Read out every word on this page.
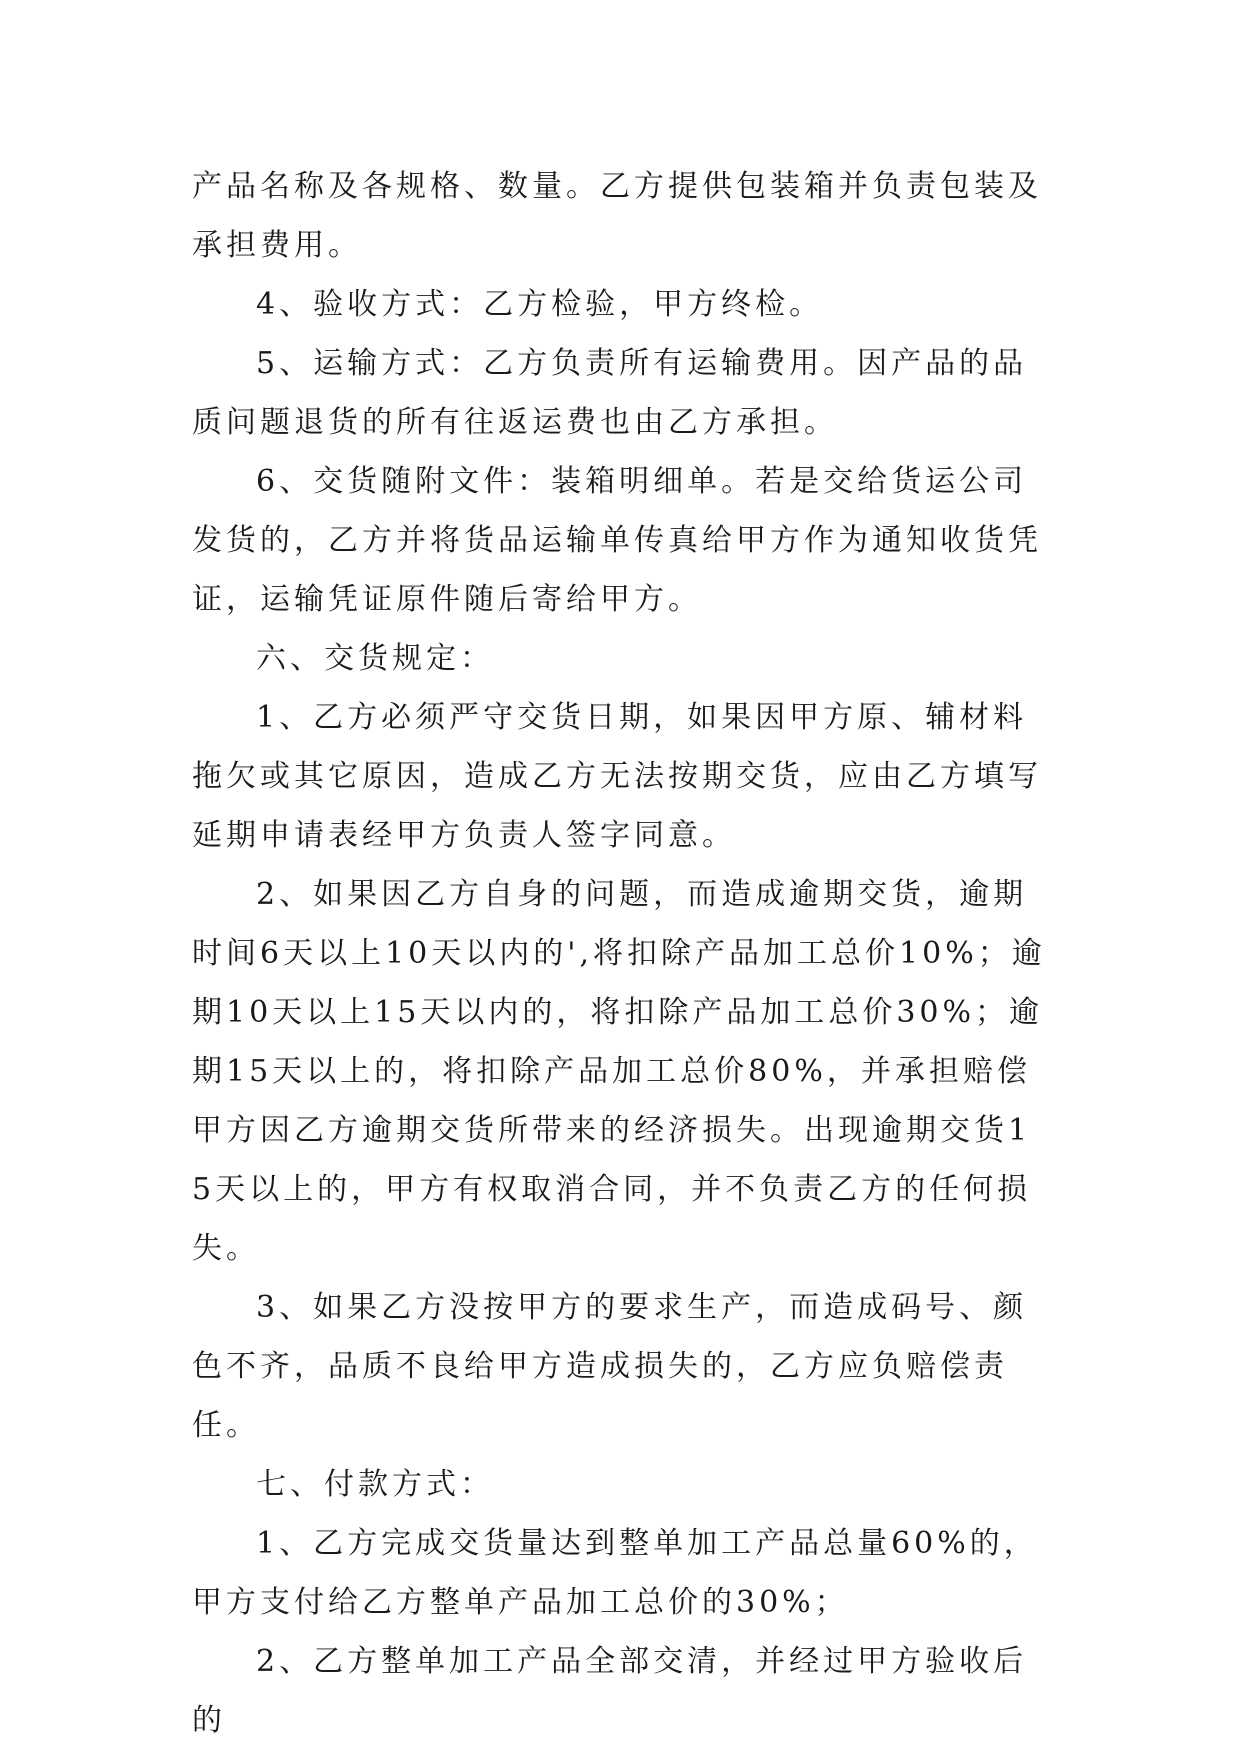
产品名称及各规格、数量。乙方提供包装箱并负责包装及承担费用。

4、验收方式：乙方检验，甲方终检。

5、运输方式：乙方负责所有运输费用。因产品的品质问题退货的所有往返运费也由乙方承担。

6、交货随附文件：装箱明细单。若是交给货运公司发货的，乙方并将货品运输单传真给甲方作为通知收货凭证，运输凭证原件随后寄给甲方。

六、交货规定：

1、乙方必须严守交货日期，如果因甲方原、辅材料拖欠或其它原因，造成乙方无法按期交货，应由乙方填写延期申请表经甲方负责人签字同意。

2、如果因乙方自身的问题，而造成逾期交货，逾期时间6天以上10天以内的',将扣除产品加工总价10%；逾期10天以上15天以内的，将扣除产品加工总价30%；逾期15天以上的，将扣除产品加工总价80%，并承担赔偿甲方因乙方逾期交货所带来的经济损失。出现逾期交货15天以上的，甲方有权取消合同，并不负责乙方的任何损失。

3、如果乙方没按甲方的要求生产，而造成码号、颜色不齐，品质不良给甲方造成损失的，乙方应负赔偿责任。

七、付款方式：

1、乙方完成交货量达到整单加工产品总量60%的，甲方支付给乙方整单产品加工总价的30%；

2、乙方整单加工产品全部交清，并经过甲方验收后的
